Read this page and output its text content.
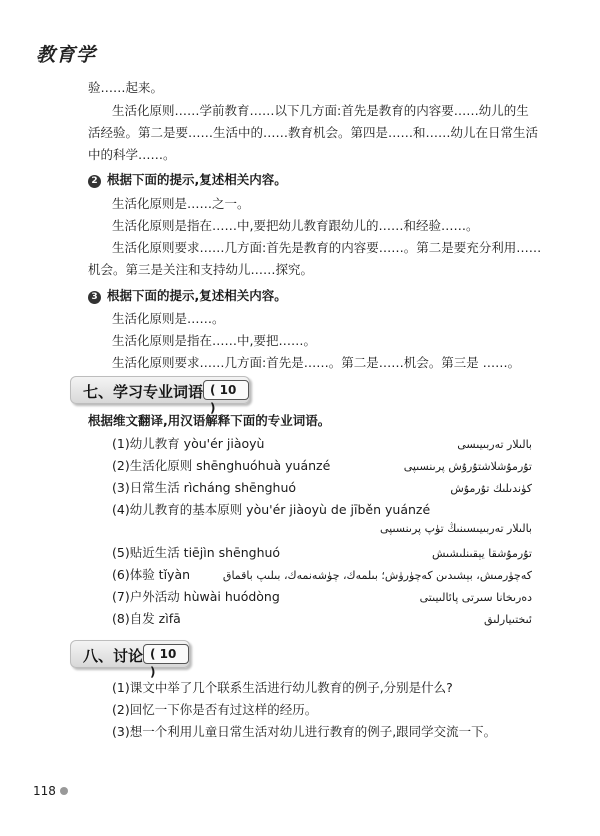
教育学
验……起来。
生活化原则……学前教育……以下几方面:首先是教育的内容要……幼儿的生
活经验。第二是要……生活中的……教育机会。第四是……和……幼儿在日常生活
中的科学……。
2 根据下面的提示,复述相关内容。
生活化原则是……之一。
生活化原则是指在……中,要把幼儿教育跟幼儿的……和经验……。
生活化原则要求……几方面:首先是教育的内容要……。第二是要充分利用……
机会。第三是关注和支持幼儿……探究。
3 根据下面的提示,复述相关内容。
生活化原则是……。
生活化原则是指在……中,要把……。
生活化原则要求……几方面:首先是……。第二是……机会。第三是 ……。
七、学习专业词语 ( 10 )
根据维文翻译,用汉语解释下面的专业词语。
(1)幼儿教育 yòu'ér jiàoyù	بالىلار تەربىيىسى
(2)生活化原则 shēnghuóhuà yuánzé	تۇرمۇشلاشتۇرۇش پرىنسىپى
(3)日常生活 rìcháng shēnghuó	كۈندىلىك تۇرمۇش
(4)幼儿教育的基本原则 yòu'ér jiàoyù de jīběn yuánzé
بالىلار تەربىيىسىنىڭ تۈپ پرىنسىپى
(5)贴近生活 tiējìn shēnghuó	تۇرمۇشقا يېقىنلىشىش
(6)体验 tǐyàn	كەچۈرمىش، بېشىدىن كەچۈرۈش؛ بىلمەك، چۈشەنمەك، بىلىپ باقماق
(7)户外活动 hùwài huódòng	دەرىخانا سىرتى پائالىيىتى
(8)自发 zìfā	ئىختىيارلىق
八、讨论 ( 10 )
(1)课文中举了几个联系生活进行幼儿教育的例子,分别是什么?
(2)回忆一下你是否有过这样的经历。
(3)想一个利用儿童日常生活对幼儿进行教育的例子,跟同学交流一下。
118
